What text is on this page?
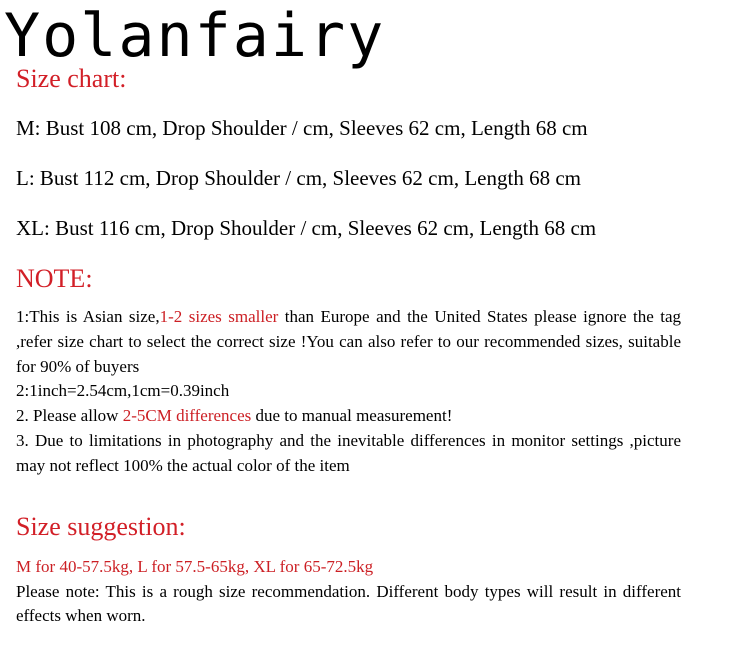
Yolanfairy
Size chart:

M: Bust 108 cm, Drop Shoulder / cm, Sleeves 62 cm, Length 68 cm

L: Bust 112 cm, Drop Shoulder / cm, Sleeves 62 cm, Length 68 cm

XL: Bust 116 cm, Drop Shoulder / cm, Sleeves 62 cm, Length 68 cm

NOTE:
1:This is Asian size,1-2 sizes smaller than Europe and the United States please ignore the tag ,refer size chart to select the correct size !You can also refer to our recommended sizes, suitable for 90% of buyers
2:1inch=2.54cm,1cm=0.39inch
2. Please allow 2-5CM differences due to manual measurement!
3. Due to limitations in photography and the inevitable differences in monitor settings ,picture may not reflect 100% the actual color of the item
Size suggestion:

M for 40-57.5kg, L for 57.5-65kg, XL for 65-72.5kg

Please note: This is a rough size recommendation. Different body types will result in different effects when worn.
